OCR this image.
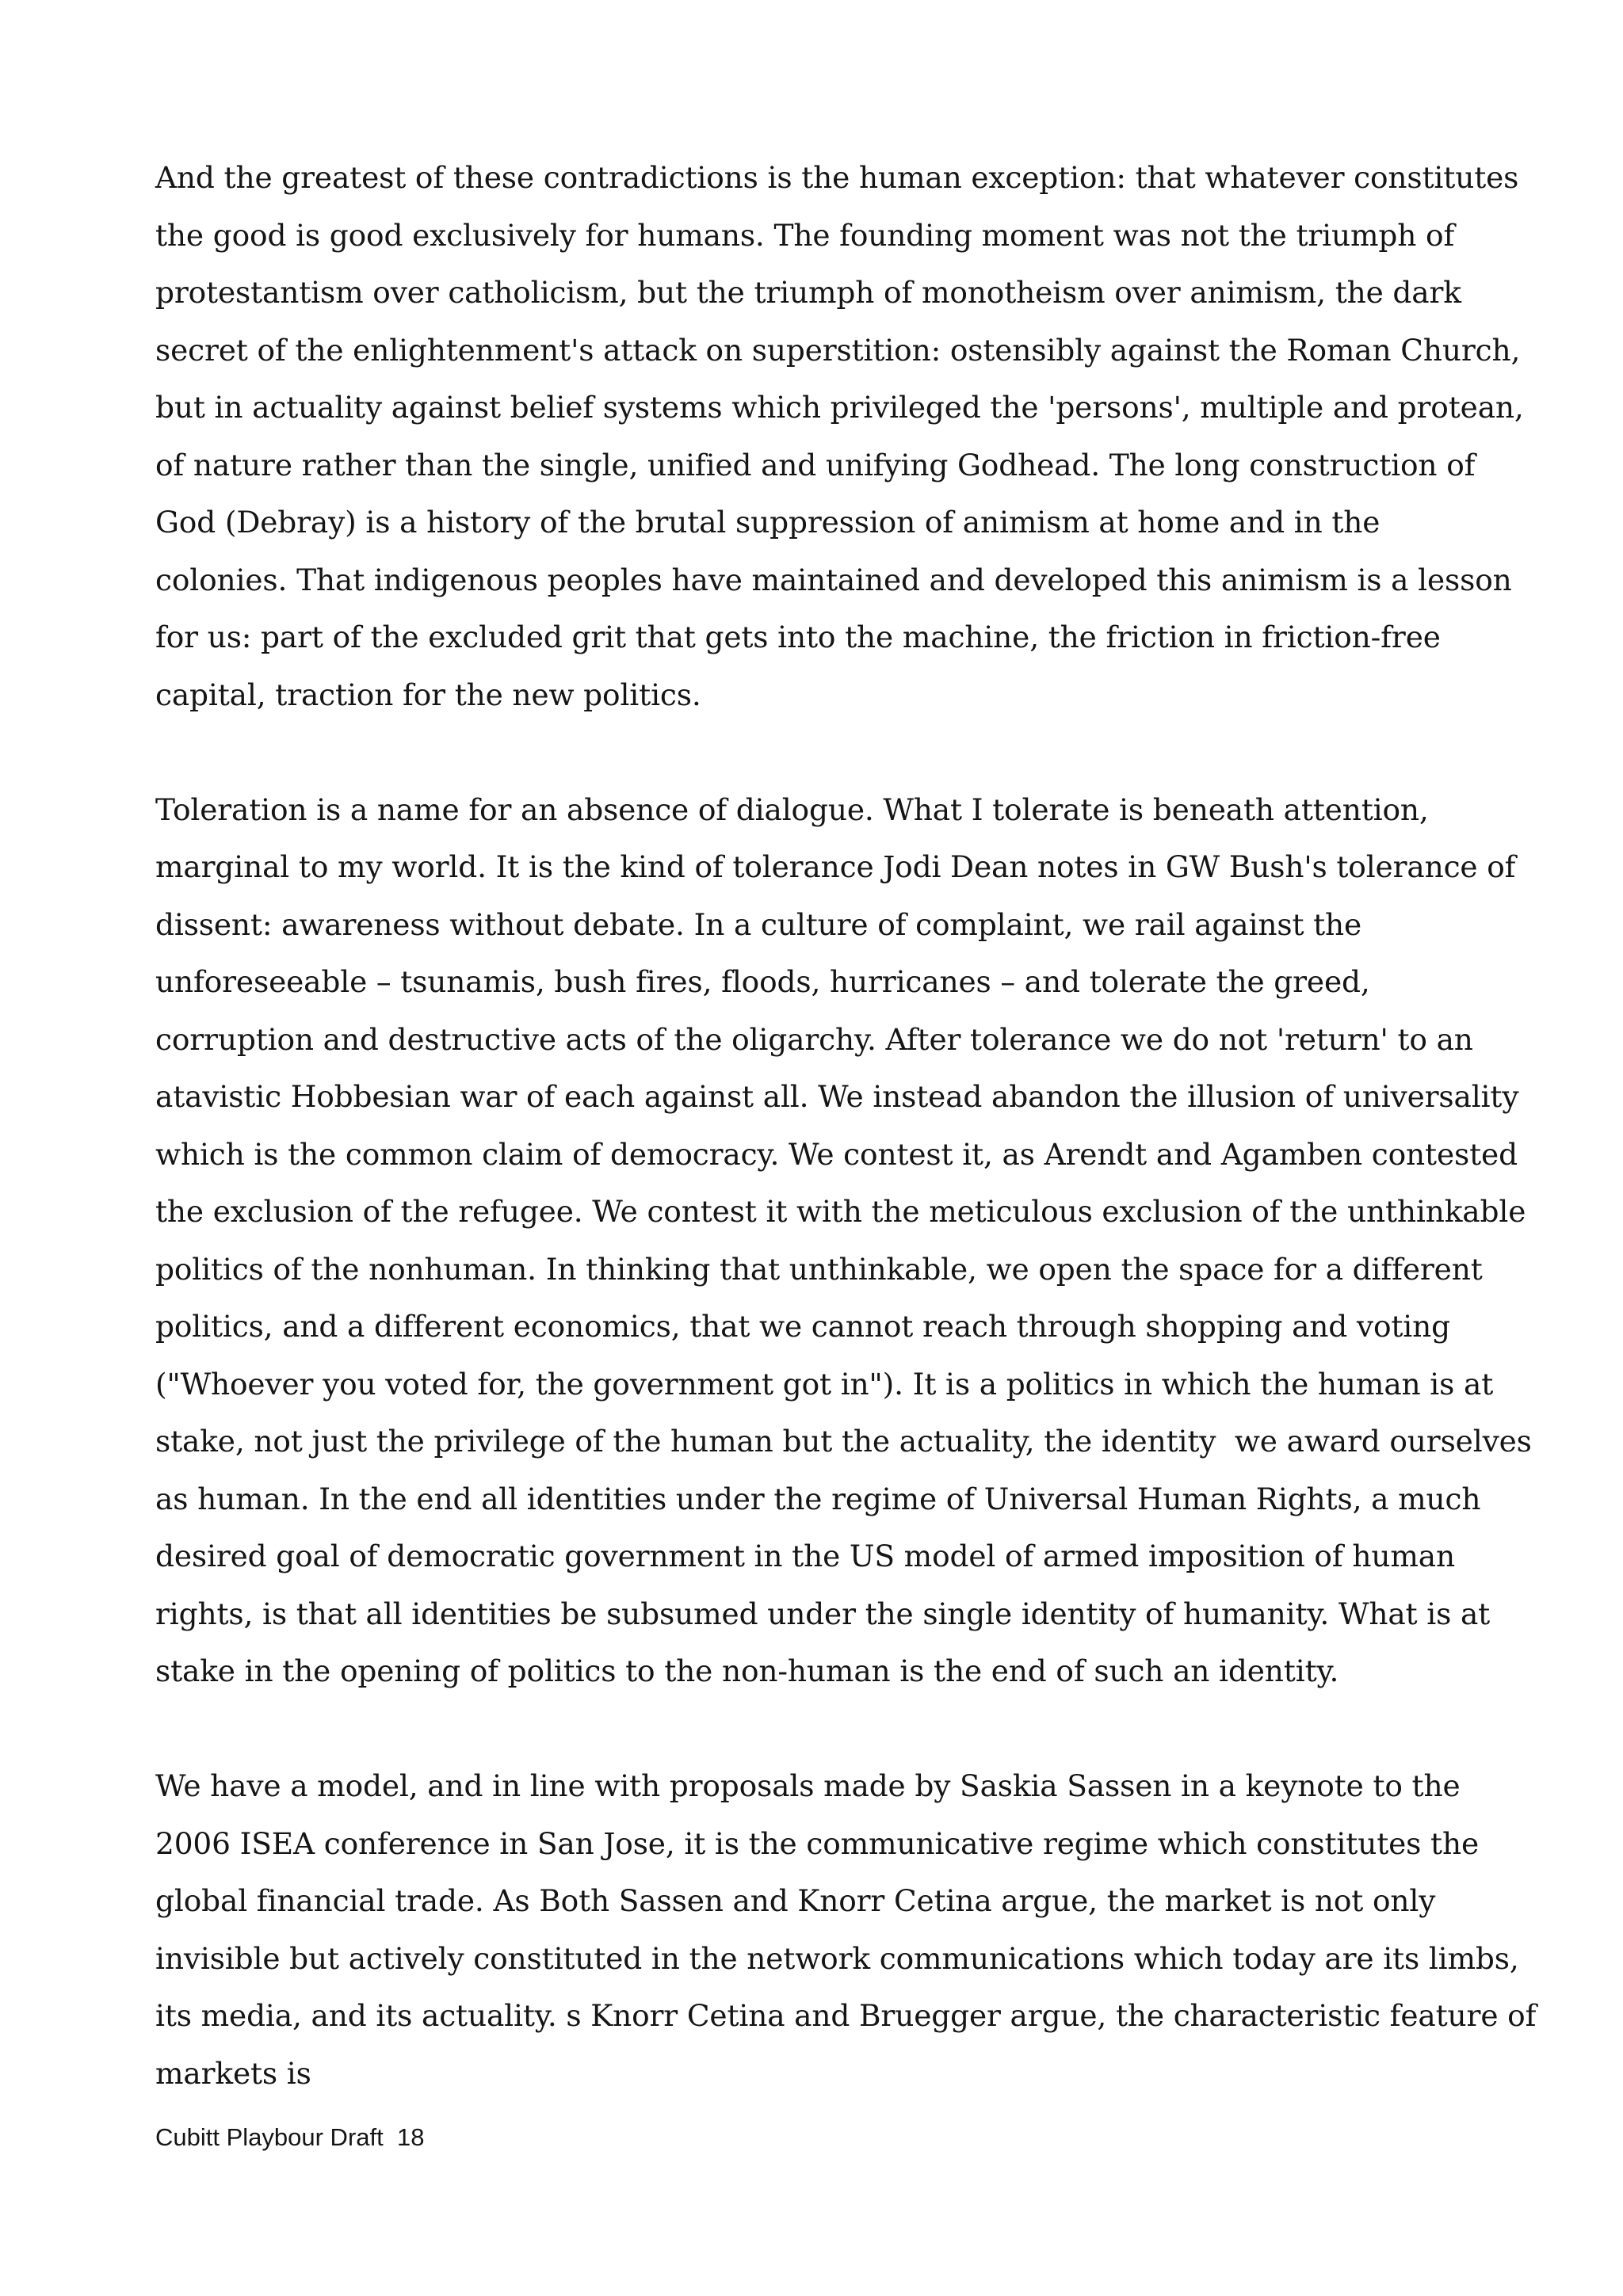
And the greatest of these contradictions is the human exception: that whatever constitutes
the good is good exclusively for humans. The founding moment was not the triumph of
protestantism over catholicism, but the triumph of monotheism over animism, the dark
secret of the enlightenment's attack on superstition: ostensibly against the Roman Church,
but in actuality against belief systems which privileged the 'persons', multiple and protean,
of nature rather than the single, unified and unifying Godhead. The long construction of
God (Debray) is a history of the brutal suppression of animism at home and in the
colonies. That indigenous peoples have maintained and developed this animism is a lesson
for us: part of the excluded grit that gets into the machine, the friction in friction-free
capital, traction for the new politics.
Toleration is a name for an absence of dialogue. What I tolerate is beneath attention,
marginal to my world. It is the kind of tolerance Jodi Dean notes in GW Bush's tolerance of
dissent: awareness without debate. In a culture of complaint, we rail against the
unforeseeable – tsunamis, bush fires, floods, hurricanes – and tolerate the greed,
corruption and destructive acts of the oligarchy. After tolerance we do not 'return' to an
atavistic Hobbesian war of each against all. We instead abandon the illusion of universality
which is the common claim of democracy. We contest it, as Arendt and Agamben contested
the exclusion of the refugee. We contest it with the meticulous exclusion of the unthinkable
politics of the nonhuman. In thinking that unthinkable, we open the space for a different
politics, and a different economics, that we cannot reach through shopping and voting
("Whoever you voted for, the government got in"). It is a politics in which the human is at
stake, not just the privilege of the human but the actuality, the identity  we award ourselves
as human. In the end all identities under the regime of Universal Human Rights, a much
desired goal of democratic government in the US model of armed imposition of human
rights, is that all identities be subsumed under the single identity of humanity. What is at
stake in the opening of politics to the non-human is the end of such an identity.
We have a model, and in line with proposals made by Saskia Sassen in a keynote to the
2006 ISEA conference in San Jose, it is the communicative regime which constitutes the
global financial trade. As Both Sassen and Knorr Cetina argue, the market is not only
invisible but actively constituted in the network communications which today are its limbs,
its media, and its actuality. s Knorr Cetina and Bruegger argue, the characteristic feature of
markets is
Cubitt Playbour Draft  18
